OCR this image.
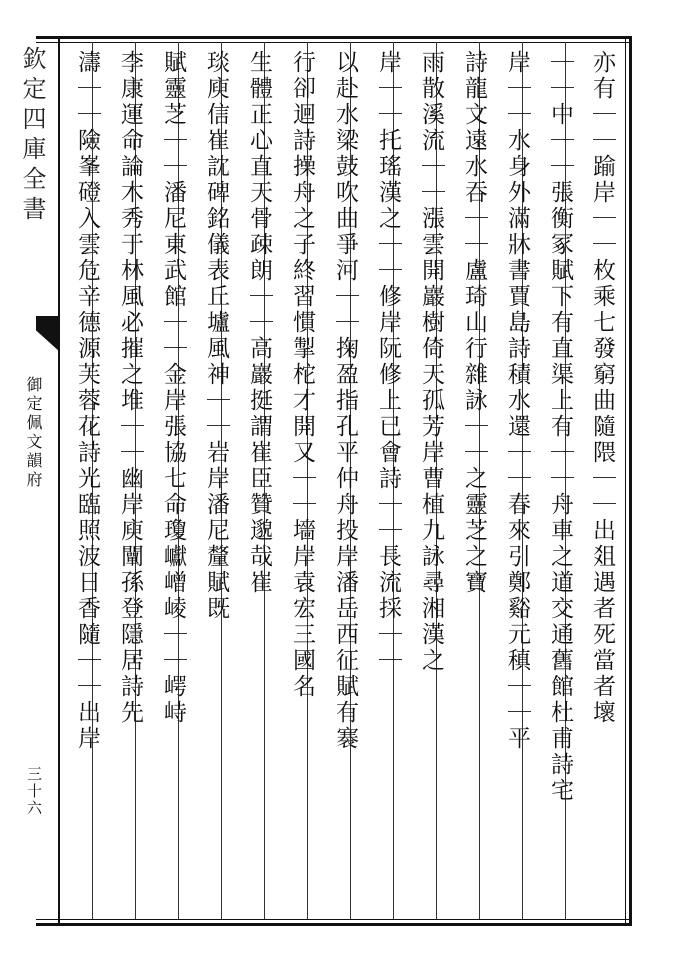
欽定四庫全書
御定佩文韻府
三十六
亦有｜｜踰岸｜｜枚乘七發窮曲隨隈｜｜出爼遇者死當者壞
｜｜中｜｜張衡冢賦下有直渠上有｜｜舟車之道交通舊館杜甫詩宅
岸｜｜水身外滿牀書賈島詩積水還｜｜春來引鄭谿元稹｜｜平
詩龍文遠水吞｜｜盧琦山行雜詠｜｜之靈芝之寶
雨散溪流｜｜漲雲開巖樹倚天孤芳岸曹植九詠尋湘漢之
岸｜｜托瑤漢之｜｜修岸阮修上已會詩｜｜長流採｜｜
以赴水梁鼓吹曲爭河｜｜掬盈指孔平仲舟投岸潘岳西征賦有褰
行卻迴詩操舟之子終習慣掣柁才開又｜｜墻岸袁宏三國名
生體正心直天骨疎朗｜｜高巖挺謂崔臣贊邈哉崔
琰庾信崔訦碑銘儀表丘壚風神｜｜岩岸潘尼釐賦既
賦靈芝｜｜潘尼東武館｜｜金岸張協七命瓊巘嶒崚｜｜崿峙
李康運命論木秀于林風必摧之堆｜｜幽岸庾闡孫登隱居詩先
濤｜｜險峯磴入雲危辛德源芙蓉花詩光臨照波日香隨｜｜出岸
